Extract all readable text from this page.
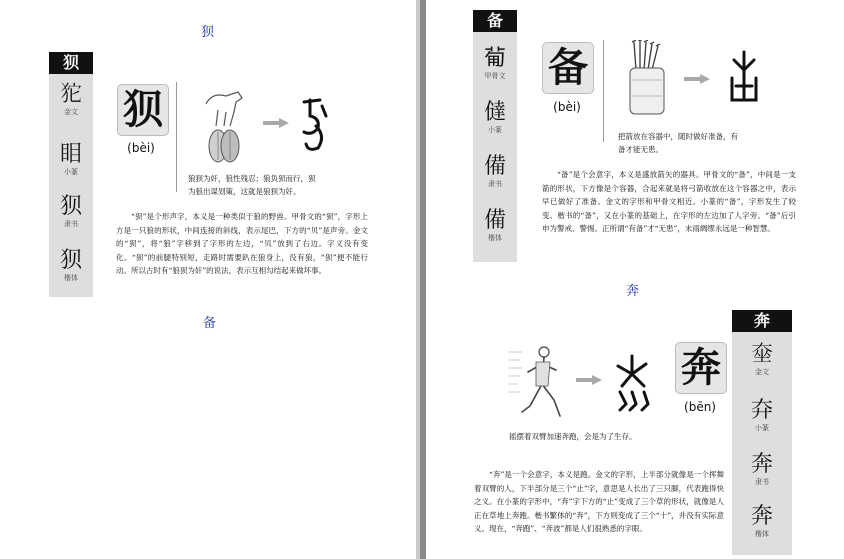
狈
狈
𤝛
金文
䀠
小篆
狈
隶书
狈
楷体
狈
(bèi)
狼狈为奸，狼性残忍；狼负狈而行，狈
为狼出谋划策，这就是狼狈为奸。
“狈”是个形声字，本义是一种类似于狼的野兽。甲骨文的“狈”，字形上方是一只狼的形状，中间连接的斜线，表示尾巴，下方的“贝”是声旁。金文的“狈”，将“狼”字移到了字形的左边，“贝”放到了右边。字义没有变化。“狈”的前腿特别短，走路时需要趴在狼身上，没有狼，“狈”便不能行动。所以古时有“狼狈为奸”的说法，表示互相勾结起来做坏事。
备
备
𤰈
甲骨文
㒓
小篆
備
隶书
備
楷体
备
(bèi)
把箭放在容器中，随时做好准备，有
备才能无患。
“备”是个会意字，本义是盛放箭矢的器具。甲骨文的“备”，中间是一支箭的形状，下方像是个容器，合起来就是将弓箭收放在这个容器之中，表示早已做好了准备。金文的字形和甲骨文相近。小篆的“备”，字形发生了较变。楷书的“备”，又在小篆的基础上，在字形的左边加了人字旁。“备”后引申为警戒、警惕。正所谓“有备”才“无患”，未雨绸缪永远是一种智慧。
奔
奔
𡘫
金文
㚏
小篆
奔
隶书
奔
楷体
奔
(bēn)
摇摆着双臂加速奔跑，会是为了生存。
“奔”是一个会意字，本义是跑。金文的字形，上半部分就像是一个挥舞着双臂的人，下半部分是三个“止”字，意思是人长出了三只脚，代表跑得快之义。在小篆的字形中，“奔”字下方的“止”变成了三个草的形状，就像是人正在草地上奔跑。楷书繁体的“奔”，下方则变成了三个“十”，并没有实际意义。现在，“奔跑”、“奔波”都是人们很熟悉的字眼。
